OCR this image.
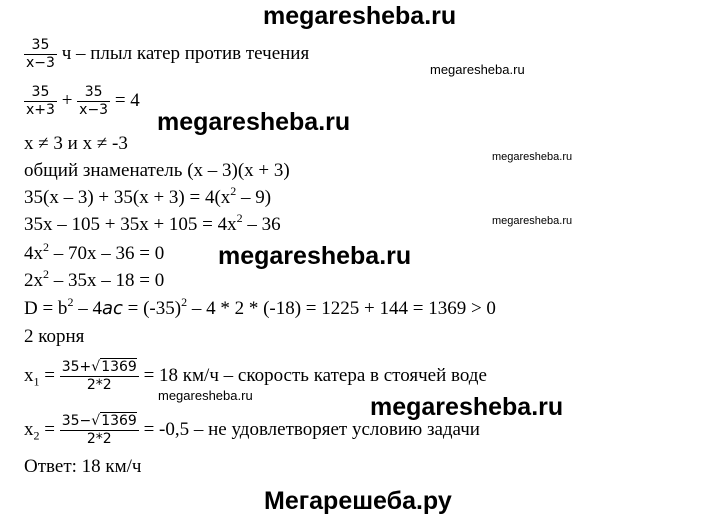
megaresheba.ru
megaresheba.ru
megaresheba.ru
megaresheba.ru
megaresheba.ru
megaresheba.ru
megaresheba.ru
megaresheba.ru
Мегарешеба.ру
$\frac{35}{x-3}$ ч – плыл катер против течения
$\frac{35}{x+3} + \frac{35}{x-3} = 4$
x ≠ 3 и x ≠ -3
общий знаменатель (x – 3)(x + 3)
$35(x - 3) + 35(x + 3) = 4(x^2 - 9)$
$35x - 105 + 35x + 105 = 4x^2 - 36$
$4x^2 - 70x - 36 = 0$
$2x^2 - 35x - 18 = 0$
$D = b^2 - 4ac = (-35)^2 - 4 * 2 * (-18) = 1225 + 144 = 1369 > 0$
2 корня
$x_1 = \frac{35+√1369}{2*2} = 18$ км/ч – скорость катера в стоячей воде
$x_2 = \frac{35-√1369}{2*2} = -0,5$ – не удовлетворяет условию задачи
Ответ: 18 км/ч
